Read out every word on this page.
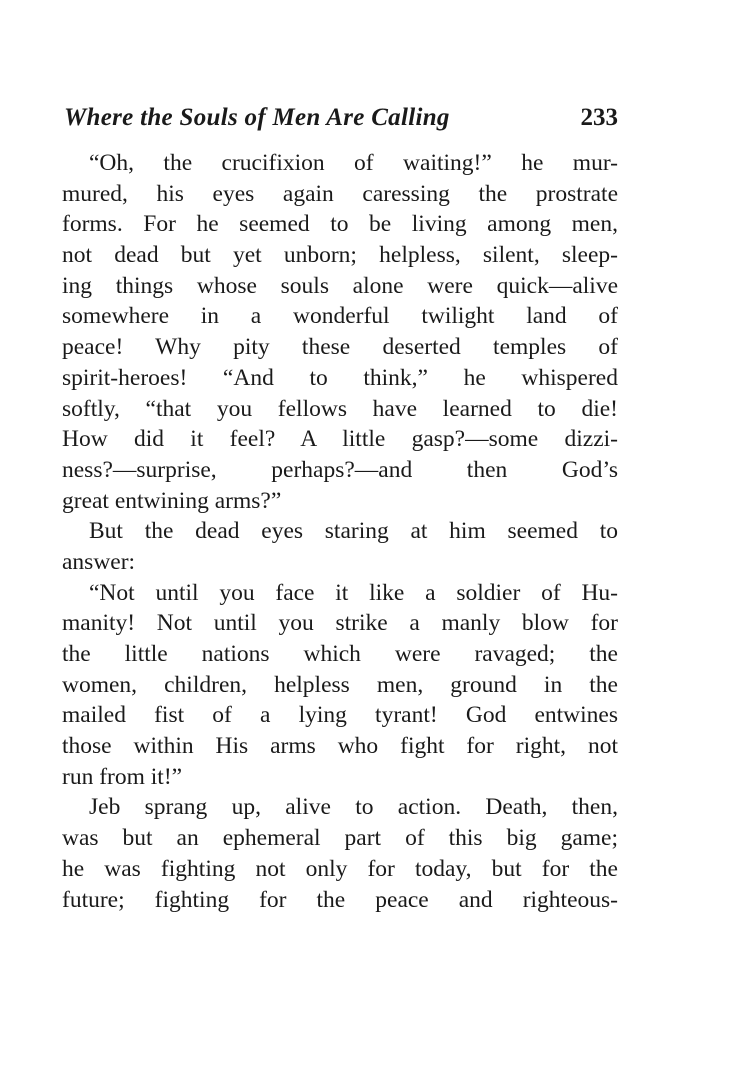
Where the Souls of Men Are Calling	233
“Oh, the crucifixion of waiting!” he mur-
mured, his eyes again caressing the prostrate
forms. For he seemed to be living among men,
not dead but yet unborn; helpless, silent, sleep-
ing things whose souls alone were quick—alive
somewhere in a wonderful twilight land of
peace! Why pity these deserted temples of
spirit-heroes! “And to think,” he whispered
softly, “that you fellows have learned to die!
How did it feel? A little gasp?—some dizzi-
ness?—surprise, perhaps?—and then God’s
great entwining arms?”
But the dead eyes staring at him seemed to
answer:
“Not until you face it like a soldier of Hu-
manity! Not until you strike a manly blow for
the little nations which were ravaged; the
women, children, helpless men, ground in the
mailed fist of a lying tyrant! God entwines
those within His arms who fight for right, not
run from it!”
Jeb sprang up, alive to action. Death, then,
was but an ephemeral part of this big game;
he was fighting not only for today, but for the
future; fighting for the peace and righteous-
